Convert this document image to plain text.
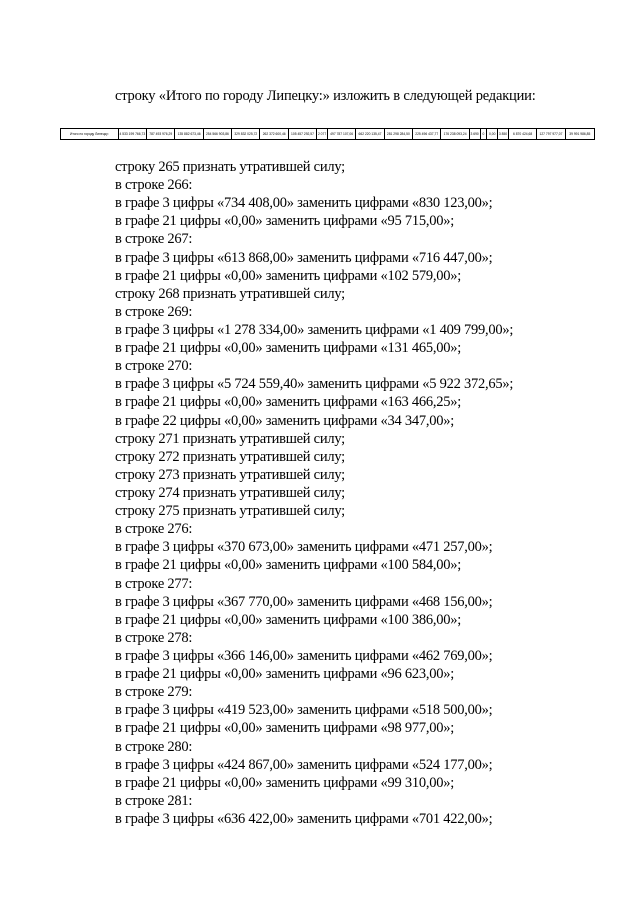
строку «Итого по городу Липецку:» изложить в следующей редакции:
Итого по городу Липецку:	4 533 199 766,73	787 493 976,29	135 882 673,46	254 566 903,86	329 832 025,72	262 372 600,46	105 457 292,57	2 077	497 787 107,06	662 220 135,47	281 298 284,50	225 496 437,77	176 238 093,24	3 690	0	0,00	3 850	6 870 424,68	127 797 977,07	39 991 986,85
строку 265 признать утратившей силу;
в строке 266:
в графе 3 цифры «734 408,00» заменить цифрами «830 123,00»;
в графе 21 цифры «0,00» заменить цифрами «95 715,00»;
в строке 267:
в графе 3 цифры «613 868,00» заменить цифрами «716 447,00»;
в графе 21 цифры «0,00» заменить цифрами «102 579,00»;
строку 268 признать утратившей силу;
в строке 269:
в графе 3 цифры «1 278 334,00» заменить цифрами «1 409 799,00»;
в графе 21 цифры «0,00» заменить цифрами «131 465,00»;
в строке 270:
в графе 3 цифры «5 724 559,40» заменить цифрами «5 922 372,65»;
в графе 21 цифры «0,00» заменить цифрами «163 466,25»;
в графе 22 цифры «0,00» заменить цифрами «34 347,00»;
строку 271 признать утратившей силу;
строку 272 признать утратившей силу;
строку 273 признать утратившей силу;
строку 274 признать утратившей силу;
строку 275 признать утратившей силу;
в строке 276:
в графе 3 цифры «370 673,00» заменить цифрами «471 257,00»;
в графе 21 цифры «0,00» заменить цифрами «100 584,00»;
в строке 277:
в графе 3 цифры «367 770,00» заменить цифрами «468 156,00»;
в графе 21 цифры «0,00» заменить цифрами «100 386,00»;
в строке 278:
в графе 3 цифры «366 146,00» заменить цифрами «462 769,00»;
в графе 21 цифры «0,00» заменить цифрами «96 623,00»;
в строке 279:
в графе 3 цифры «419 523,00» заменить цифрами «518 500,00»;
в графе 21 цифры «0,00» заменить цифрами «98 977,00»;
в строке 280:
в графе 3 цифры «424 867,00» заменить цифрами «524 177,00»;
в графе 21 цифры «0,00» заменить цифрами «99 310,00»;
в строке 281:
в графе 3 цифры «636 422,00» заменить цифрами «701 422,00»;
